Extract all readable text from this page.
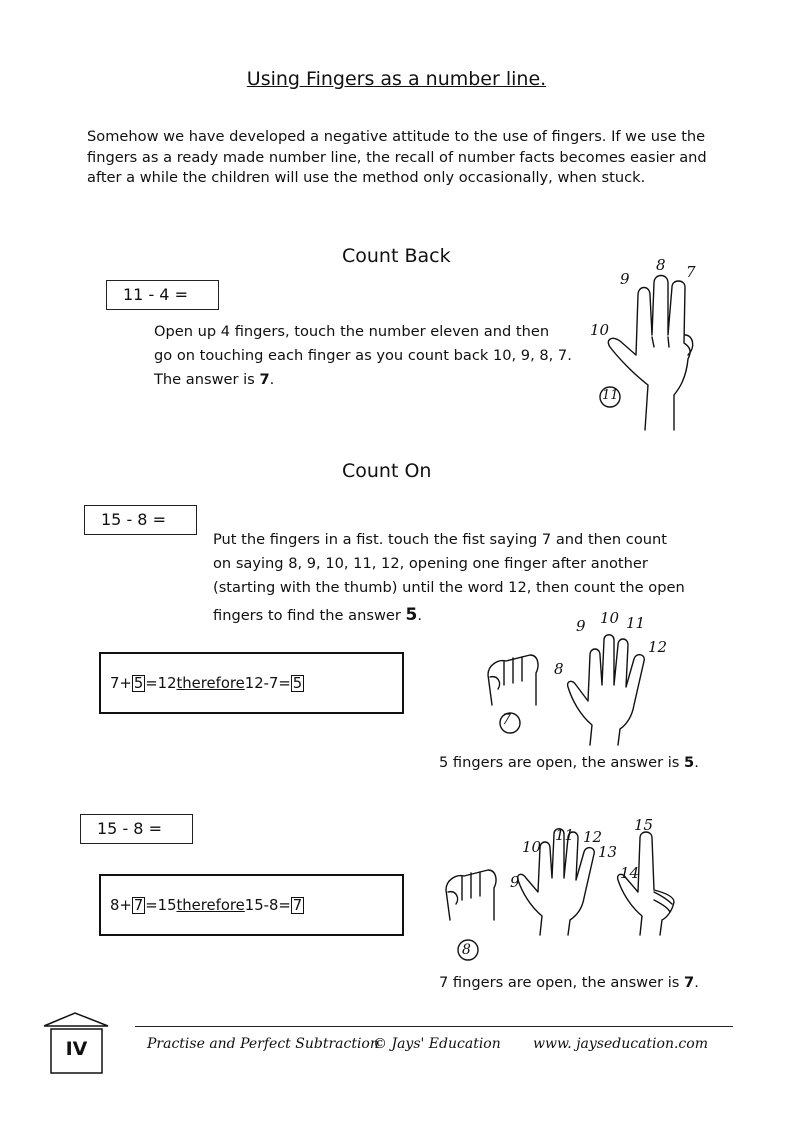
Using Fingers as a number line.
Somehow we have developed a negative attitude to the use of fingers. If we use the fingers as a ready made number line, the recall of number facts becomes easier and after a while the children will use the method only occasionally, when stuck.
Count Back
11 - 4 =
Open up 4 fingers, touch the number eleven and then
go on touching each finger as you count back 10, 9, 8, 7.
The answer is 7.
7
8
9
10
11
Count On
15 - 8 =
Put the fingers in a fist. touch the fist saying 7 and then count
on saying 8, 9, 10, 11, 12, opening one finger after another
(starting with the thumb) until the word 12, then count the open
fingers to find the answer 5.
7 + 5 = 12 therefore 12 - 7 = 5
7
8
9 10 11
12
5 fingers are open, the answer is 5.
15 - 8 =
8 + 7 = 15 therefore 15 - 8 = 7
8
9
10
11 12
13
14
15
7 fingers are open, the answer is 7.
IV	Practise and Perfect Subtraction
© Jays' Education www. jayseducation.com
